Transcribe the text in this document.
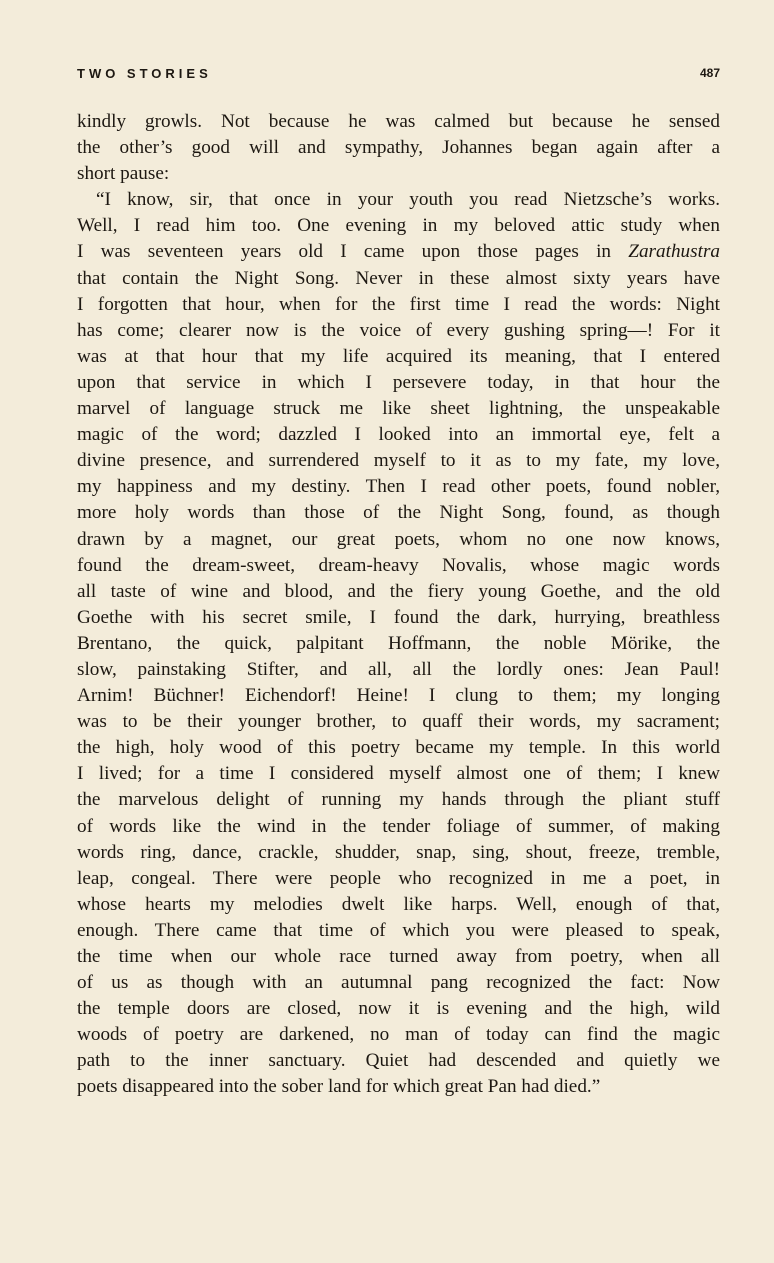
TWO STORIES	487
kindly growls. Not because he was calmed but because he sensed
the other’s good will and sympathy, Johannes began again after a
short pause:
“I know, sir, that once in your youth you read Nietzsche’s works.
Well, I read him too. One evening in my beloved attic study when
I was seventeen years old I came upon those pages in Zarathustra
that contain the Night Song. Never in these almost sixty years have
I forgotten that hour, when for the first time I read the words: Night
has come; clearer now is the voice of every gushing spring—! For it
was at that hour that my life acquired its meaning, that I entered
upon that service in which I persevere today, in that hour the
marvel of language struck me like sheet lightning, the unspeakable
magic of the word; dazzled I looked into an immortal eye, felt a
divine presence, and surrendered myself to it as to my fate, my love,
my happiness and my destiny. Then I read other poets, found nobler,
more holy words than those of the Night Song, found, as though
drawn by a magnet, our great poets, whom no one now knows,
found the dream-sweet, dream-heavy Novalis, whose magic words
all taste of wine and blood, and the fiery young Goethe, and the old
Goethe with his secret smile, I found the dark, hurrying, breathless
Brentano, the quick, palpitant Hoffmann, the noble Mörike, the
slow, painstaking Stifter, and all, all the lordly ones: Jean Paul!
Arnim! Büchner! Eichendorf! Heine! I clung to them; my longing
was to be their younger brother, to quaff their words, my sacrament;
the high, holy wood of this poetry became my temple. In this world
I lived; for a time I considered myself almost one of them; I knew
the marvelous delight of running my hands through the pliant stuff
of words like the wind in the tender foliage of summer, of making
words ring, dance, crackle, shudder, snap, sing, shout, freeze, tremble,
leap, congeal. There were people who recognized in me a poet, in
whose hearts my melodies dwelt like harps. Well, enough of that,
enough. There came that time of which you were pleased to speak,
the time when our whole race turned away from poetry, when all
of us as though with an autumnal pang recognized the fact: Now
the temple doors are closed, now it is evening and the high, wild
woods of poetry are darkened, no man of today can find the magic
path to the inner sanctuary. Quiet had descended and quietly we
poets disappeared into the sober land for which great Pan had died.”
